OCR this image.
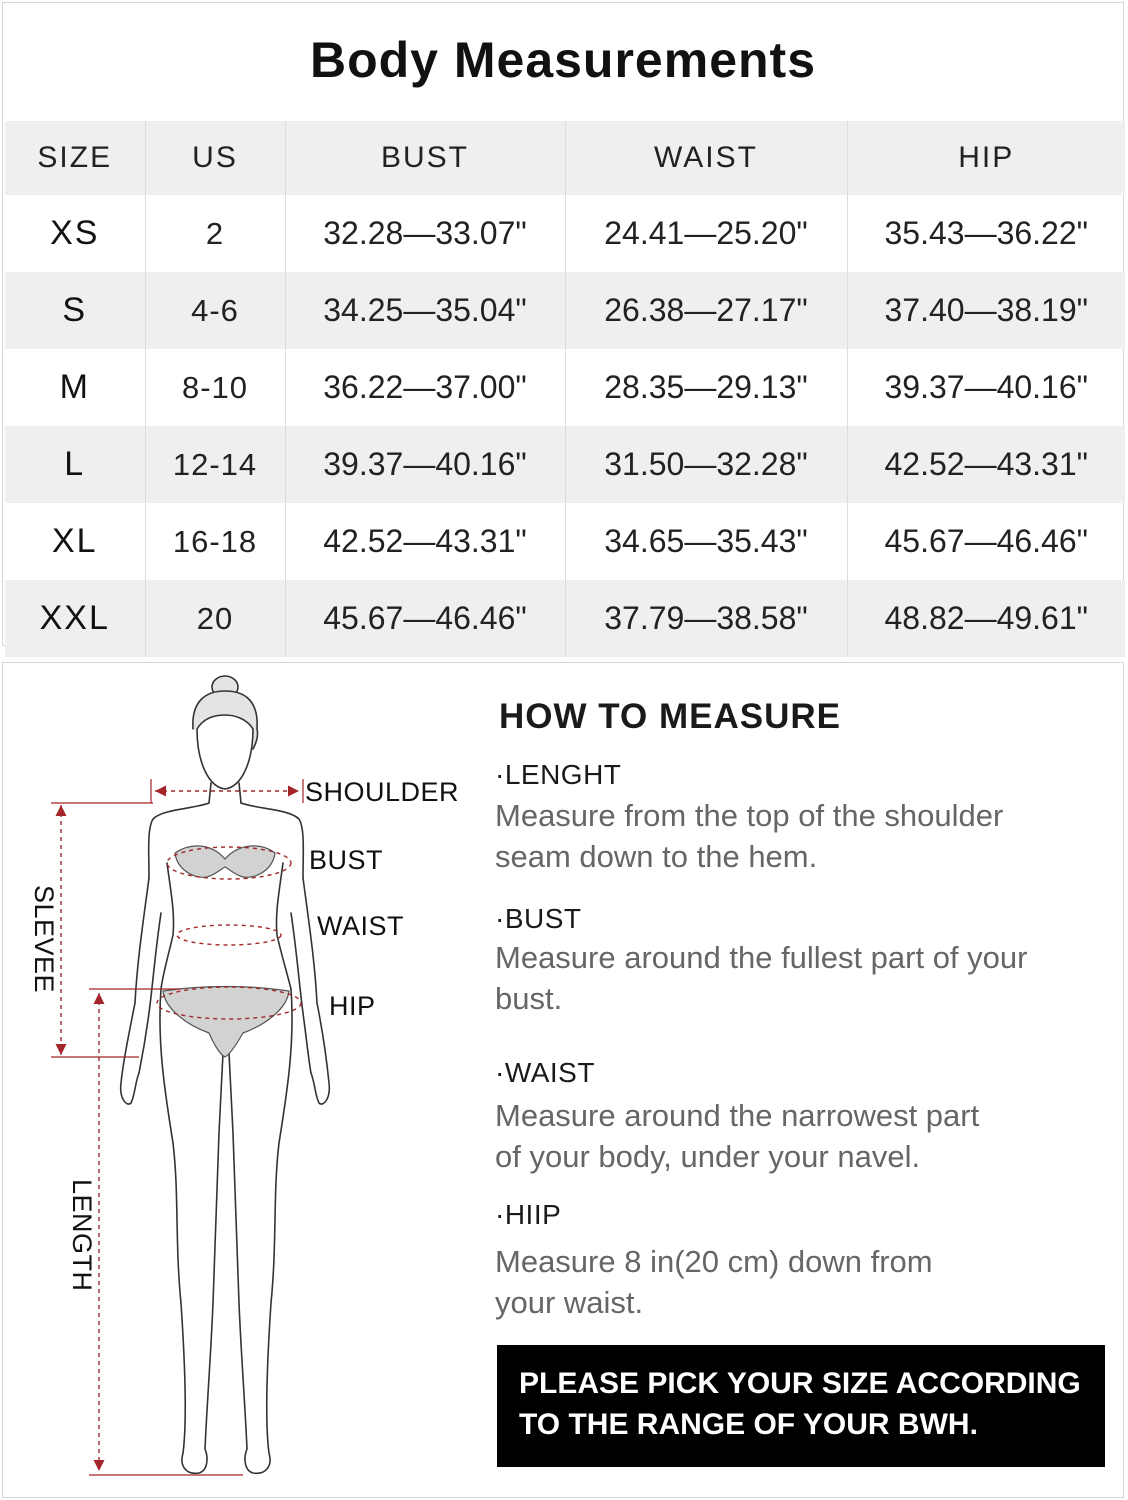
Body Measurements
SIZE	US	BUST	WAIST	HIP
XS	2	32.28—33.07"	24.41—25.20"	35.43—36.22"
S	4-6	34.25—35.04"	26.38—27.17"	37.40—38.19"
M	8-10	36.22—37.00"	28.35—29.13"	39.37—40.16"
L	12-14	39.37—40.16"	31.50—32.28"	42.52—43.31"
XL	16-18	42.52—43.31"	34.65—35.43"	45.67—46.46"
XXL	20	45.67—46.46"	37.79—38.58"	48.82—49.61"
SHOULDER
BUST
WAIST
HIP
SLEVEE
LENGTH
HOW TO MEASURE
·LENGHT
Measure from the top of the shoulder
seam down to the hem.
·BUST
Measure around the fullest part of your
bust.
·WAIST
Measure around the narrowest part
of your body, under your navel.
·HIIP
Measure 8 in(20 cm) down from
your waist.
PLEASE PICK YOUR SIZE ACCORDING
TO THE RANGE OF YOUR BWH.
